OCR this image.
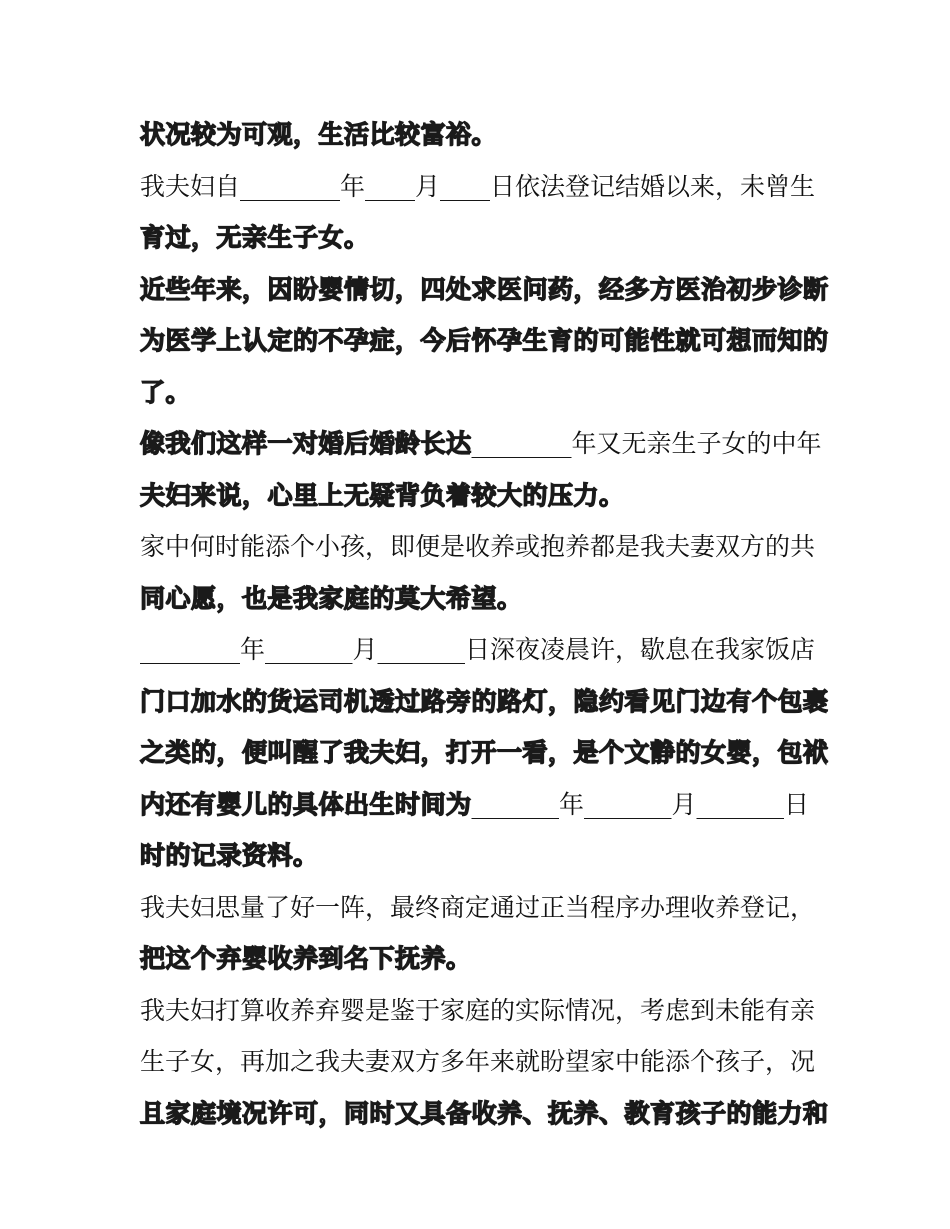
状况较为可观，生活比较富裕。
我夫妇自________年____月____日依法登记结婚以来，未曾生
育过，无亲生子女。
近些年来，因盼婴情切，四处求医问药，经多方医治初步诊断
为医学上认定的不孕症，今后怀孕生育的可能性就可想而知的
了。
像我们这样一对婚后婚龄长达________年又无亲生子女的中年
夫妇来说，心里上无疑背负着较大的压力。
家中何时能添个小孩，即便是收养或抱养都是我夫妻双方的共
同心愿，也是我家庭的莫大希望。
________年_______月_______日深夜凌晨许，歇息在我家饭店
门口加水的货运司机透过路旁的路灯，隐约看见门边有个包裹
之类的，便叫醒了我夫妇，打开一看，是个文静的女婴，包袱
内还有婴儿的具体出生时间为_______年_______月_______日
时的记录资料。
我夫妇思量了好一阵，最终商定通过正当程序办理收养登记，
把这个弃婴收养到名下抚养。
我夫妇打算收养弃婴是鉴于家庭的实际情况，考虑到未能有亲
生子女，再加之我夫妻双方多年来就盼望家中能添个孩子，况
且家庭境况许可，同时又具备收养、抚养、教育孩子的能力和
